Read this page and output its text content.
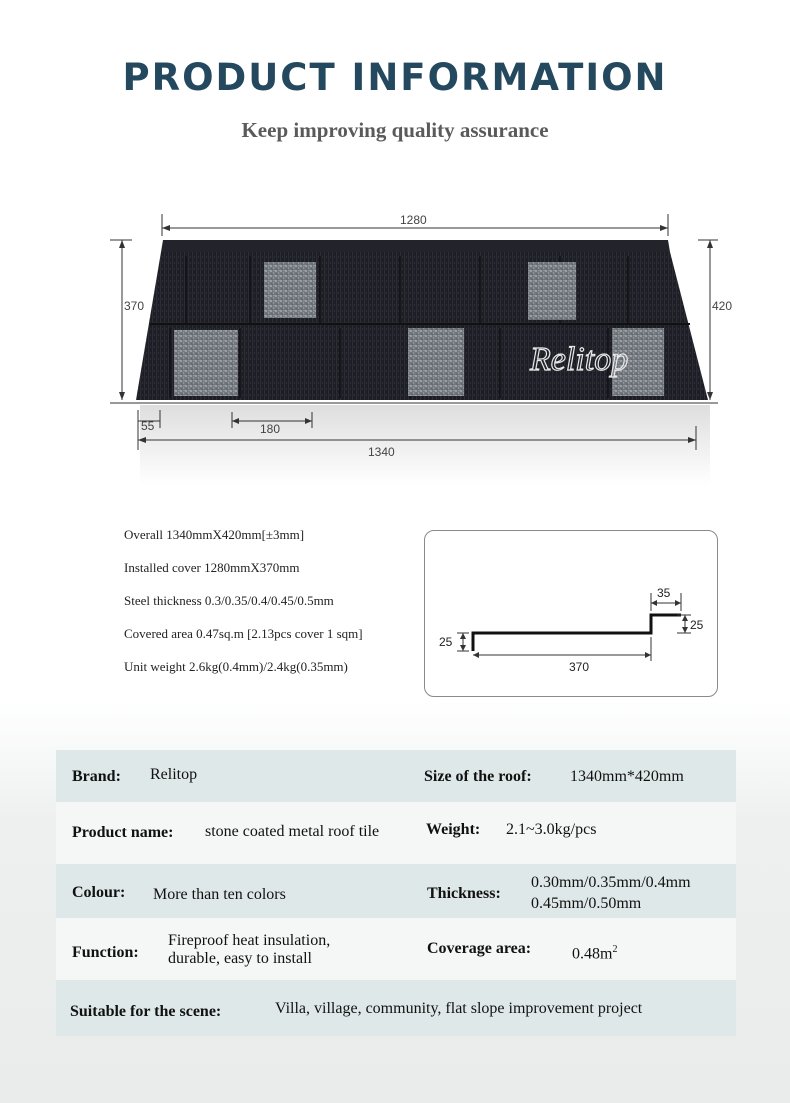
PRODUCT INFORMATION
Keep improving quality assurance
Relitop
1280
1340
370	420
55	180
Overall 1340mmX420mm[±3mm]
Installed cover 1280mmX370mm
Steel thickness 0.3/0.35/0.4/0.45/0.5mm
Covered area 0.47sq.m [2.13pcs cover 1 sqm]
Unit weight 2.6kg(0.4mm)/2.4kg(0.35mm)
35
25
25
370
Brand: Relitop	Size of the roof: 1340mm*420mm
Product name: stone coated metal roof tile	Weight: 2.1~3.0kg/pcs
Colour: More than ten colors	Thickness:
0.30mm/0.35mm/0.4mm
0.45mm/0.50mm
Function:
Fireproof heat insulation,
durable, easy to install
Coverage area:	$0.48m^2$
Suitable for the scene:	Villa, village, community, flat slope improvement project
